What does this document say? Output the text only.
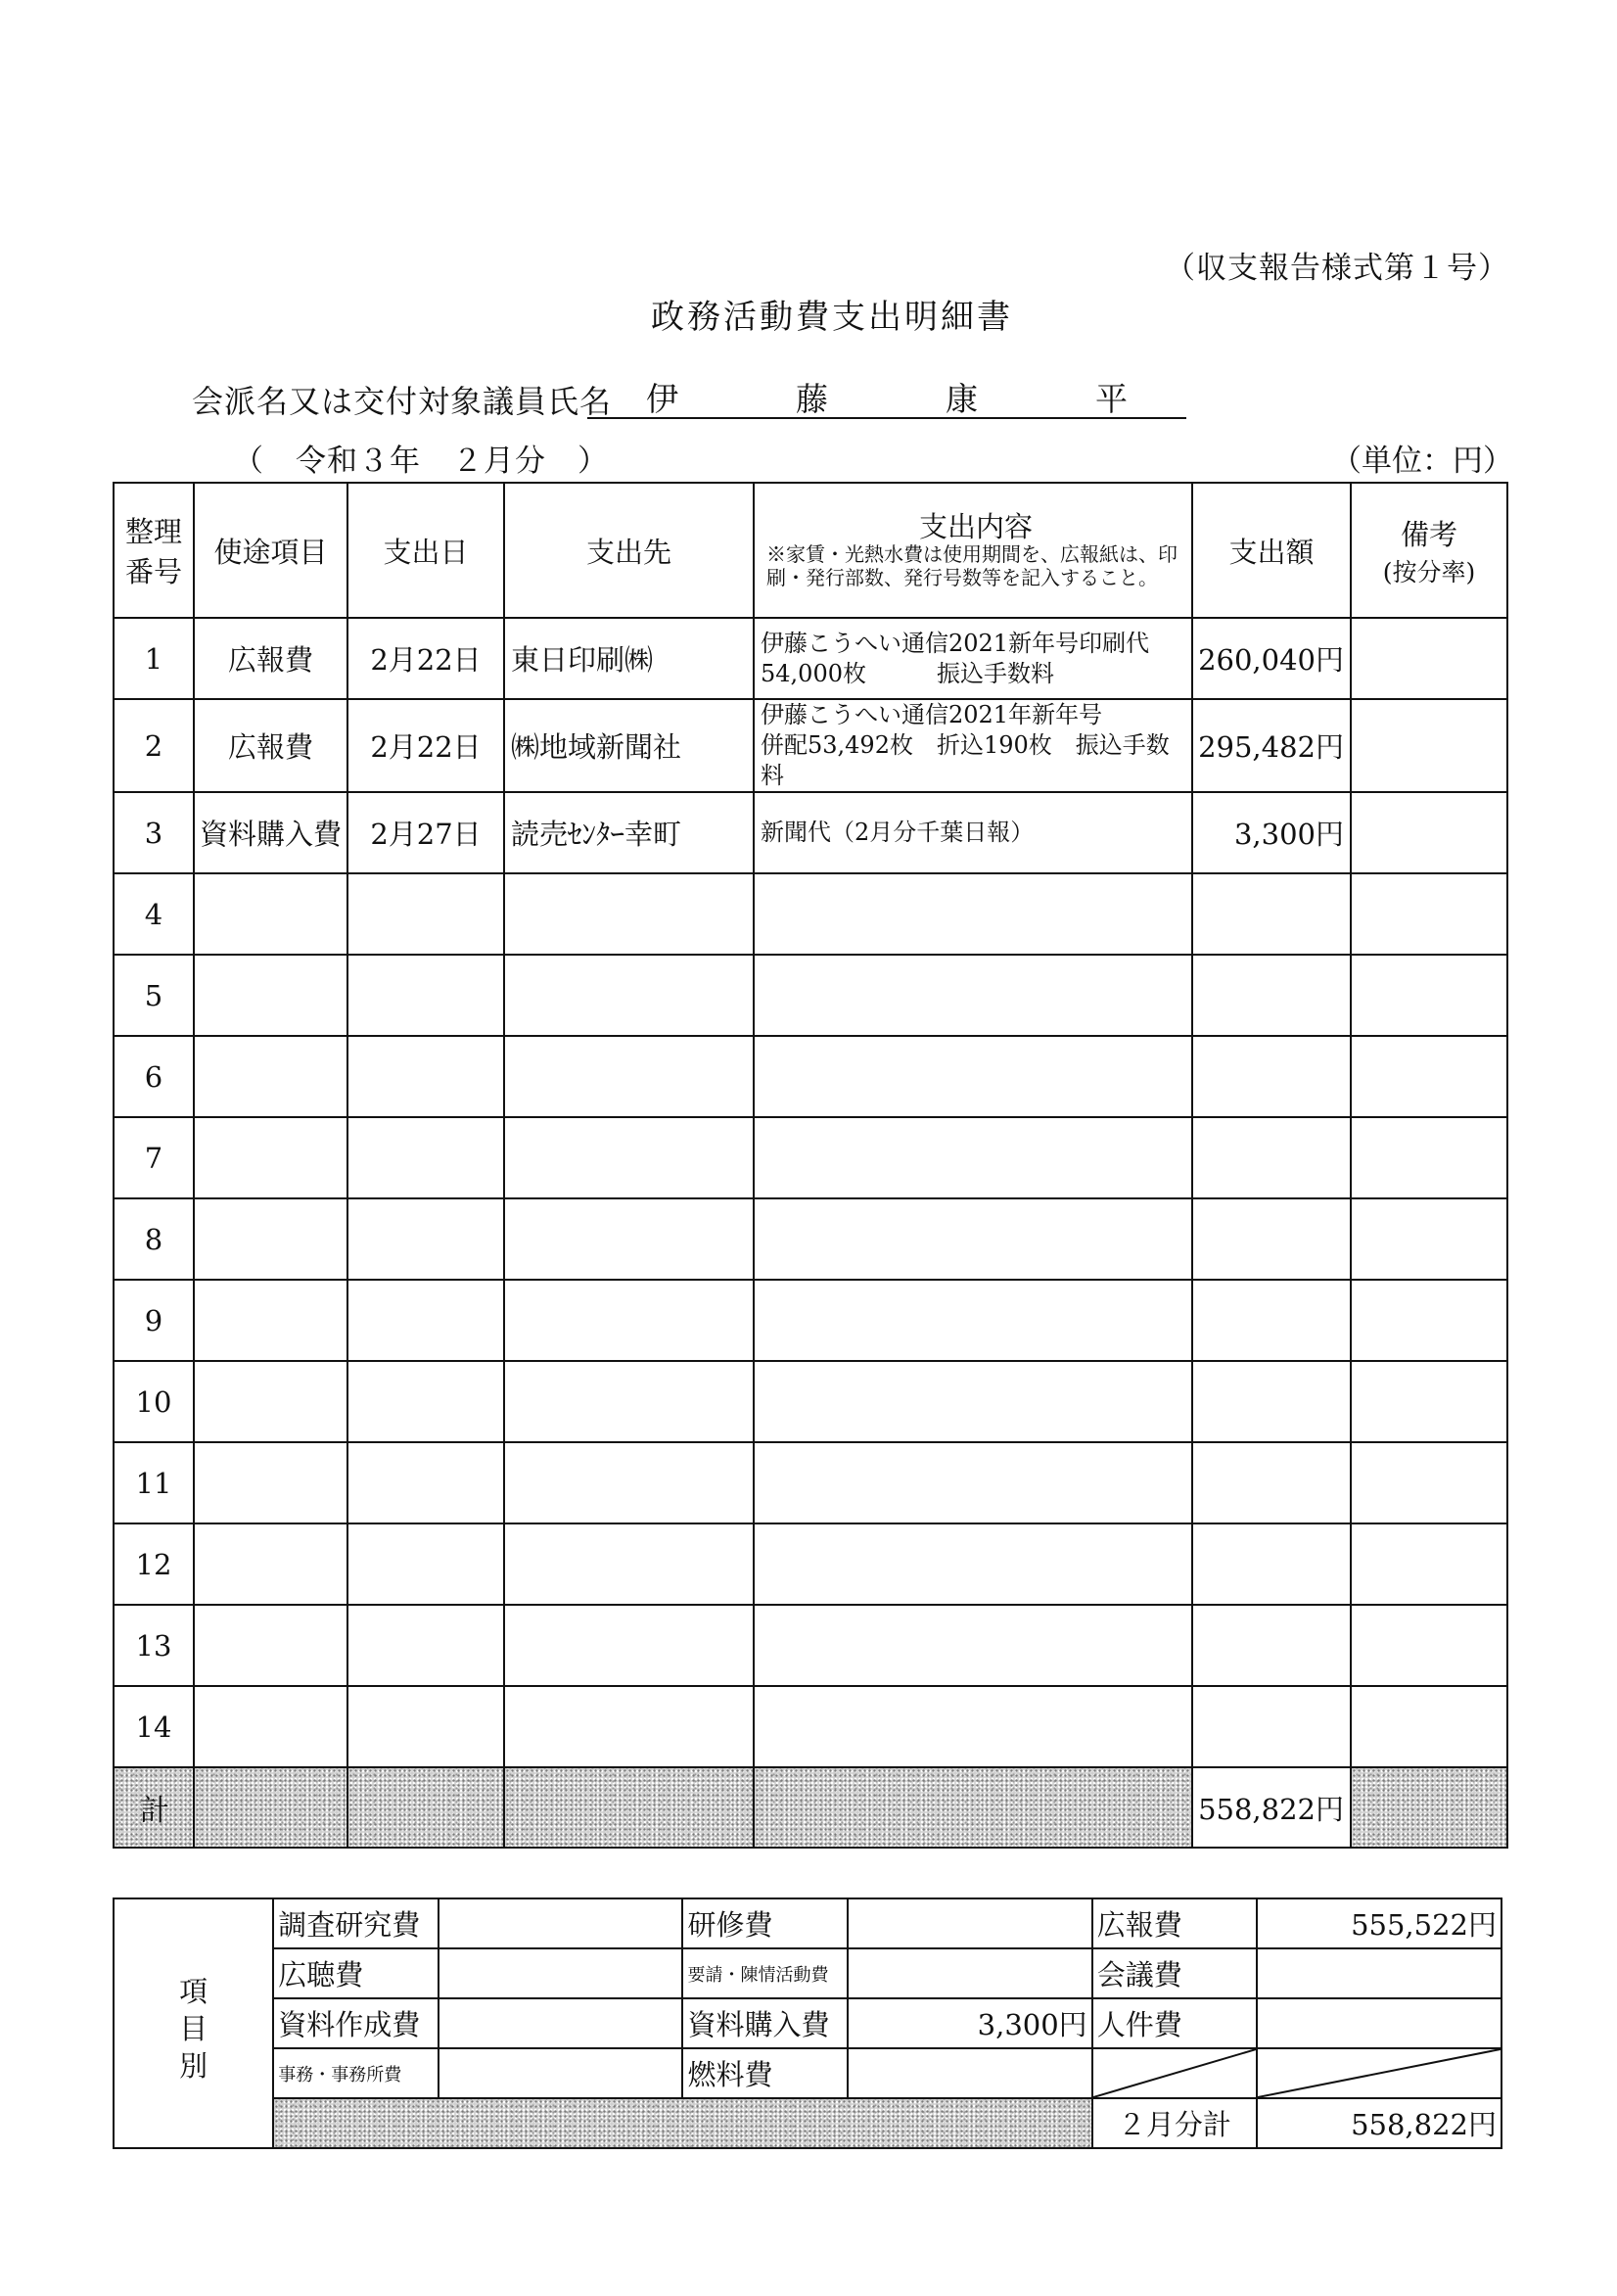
（収支報告様式第１号）
政務活動費支出明細書
会派名又は交付対象議員氏名 伊	藤	康	平
（　令和３年　２月分　）	（単位：円）
整理
番号	使途項目	支出日	支出先	支出内容
※家賃・光熱水費は使用期間を、広報紙は、印刷・発行部数、発行号数等を記入すること。	支出額	備考
(按分率)

1	広報費	2月22日	東日印刷㈱	伊藤こうへい通信2021新年号印刷代
54,000枚　　　振込手数料	260,040円	
2	広報費	2月22日	㈱地域新聞社	伊藤こうへい通信2021年新年号
併配53,492枚　折込190枚　振込手数料	295,482円	
3	資料購入費	2月27日	読売ｾﾝﾀｰ幸町	新聞代（2月分千葉日報）	3,300円	
4				

5				

6				

7				

8				

9				

10				

11				

12				

13				

14				

計					558,822円	
項
目
別	調査研究費		研修費		広報費	555,522円
	広聴費		要請・陳情活動費		会議費	
	資料作成費		資料購入費	3,300円	人件費	
	事務・事務所費		燃料費		

					２月分計	558,822円
